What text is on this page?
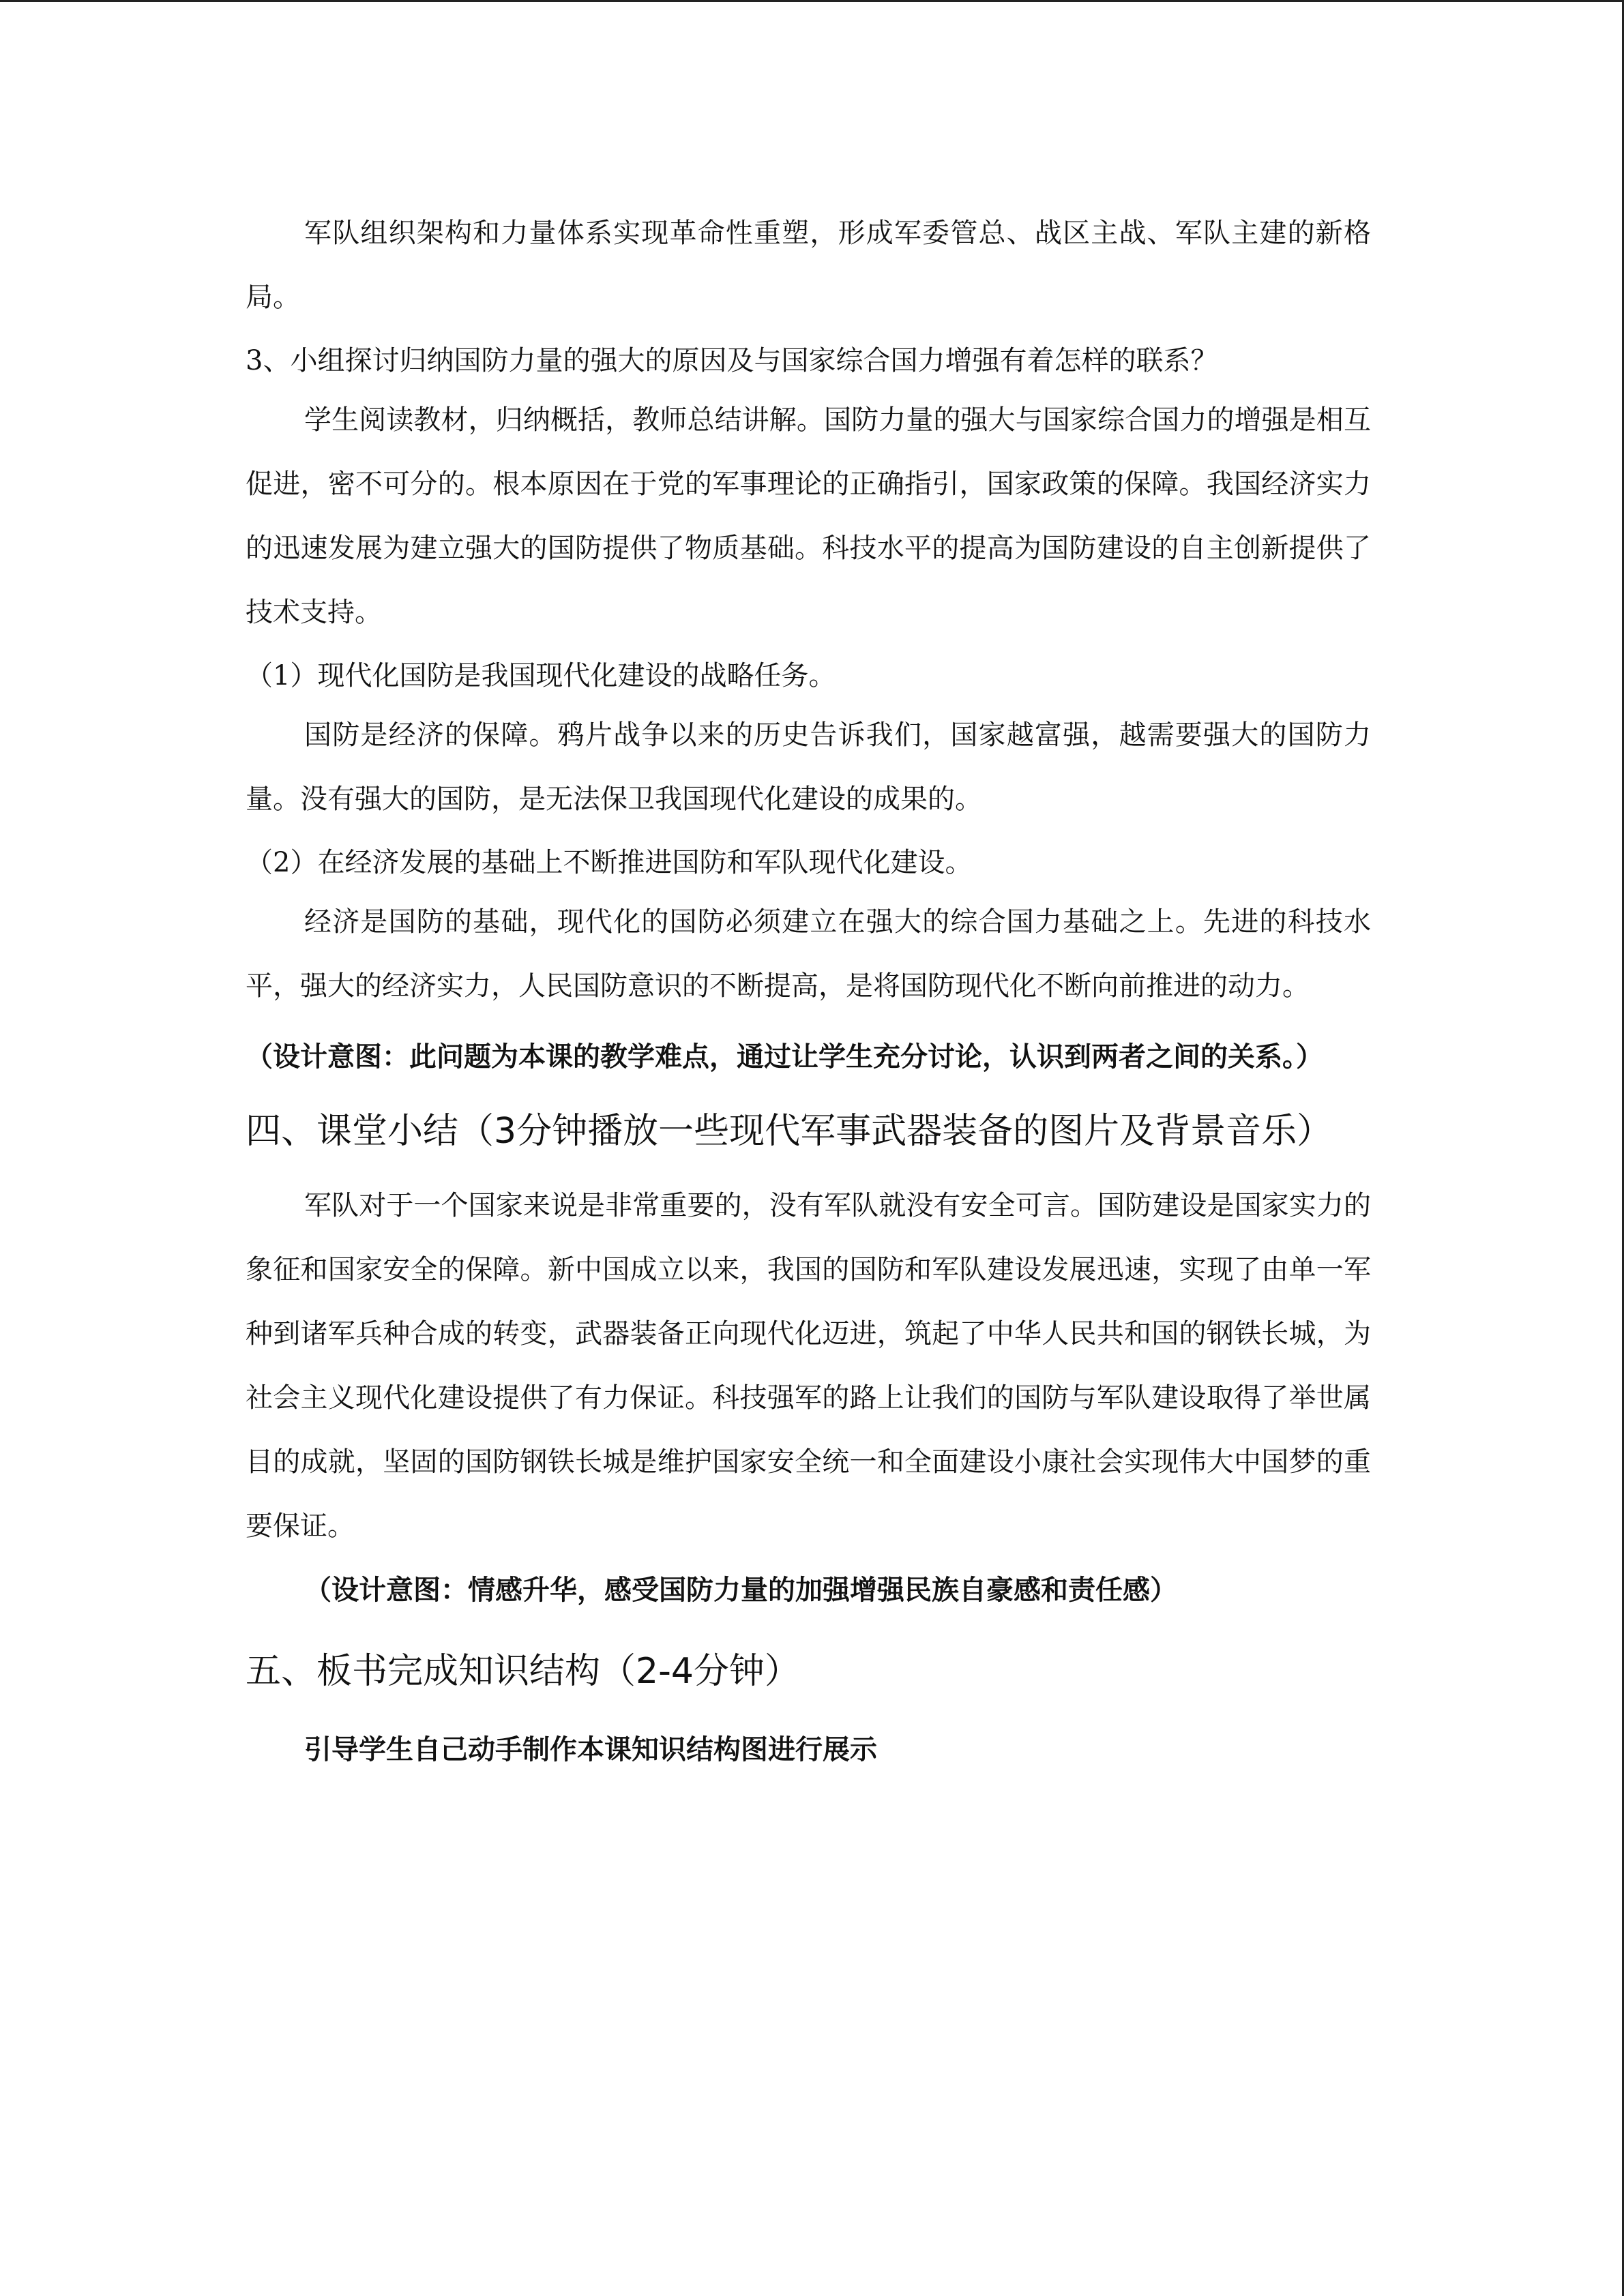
军队组织架构和力量体系实现革命性重塑，形成军委管总、战区主战、军队主建的新格局。

3、小组探讨归纳国防力量的强大的原因及与国家综合国力增强有着怎样的联系？

学生阅读教材，归纳概括，教师总结讲解。国防力量的强大与国家综合国力的增强是相互促进，密不可分的。根本原因在于党的军事理论的正确指引，国家政策的保障。我国经济实力的迅速发展为建立强大的国防提供了物质基础。科技水平的提高为国防建设的自主创新提供了技术支持。

（1）现代化国防是我国现代化建设的战略任务。

国防是经济的保障。鸦片战争以来的历史告诉我们，国家越富强，越需要强大的国防力量。没有强大的国防，是无法保卫我国现代化建设的成果的。

（2）在经济发展的基础上不断推进国防和军队现代化建设。

经济是国防的基础，现代化的国防必须建立在强大的综合国力基础之上。先进的科技水平，强大的经济实力，人民国防意识的不断提高，是将国防现代化不断向前推进的动力。

（设计意图：此问题为本课的教学难点，通过让学生充分讨论，认识到两者之间的关系。）

四、课堂小结（3分钟播放一些现代军事武器装备的图片及背景音乐）

军队对于一个国家来说是非常重要的，没有军队就没有安全可言。国防建设是国家实力的象征和国家安全的保障。新中国成立以来，我国的国防和军队建设发展迅速，实现了由单一军种到诸军兵种合成的转变，武器装备正向现代化迈进，筑起了中华人民共和国的钢铁长城，为社会主义现代化建设提供了有力保证。科技强军的路上让我们的国防与军队建设取得了举世属目的成就，坚固的国防钢铁长城是维护国家安全统一和全面建设小康社会实现伟大中国梦的重要保证。

（设计意图：情感升华，感受国防力量的加强增强民族自豪感和责任感）

五、板书完成知识结构（2-4分钟）

引导学生自己动手制作本课知识结构图进行展示
